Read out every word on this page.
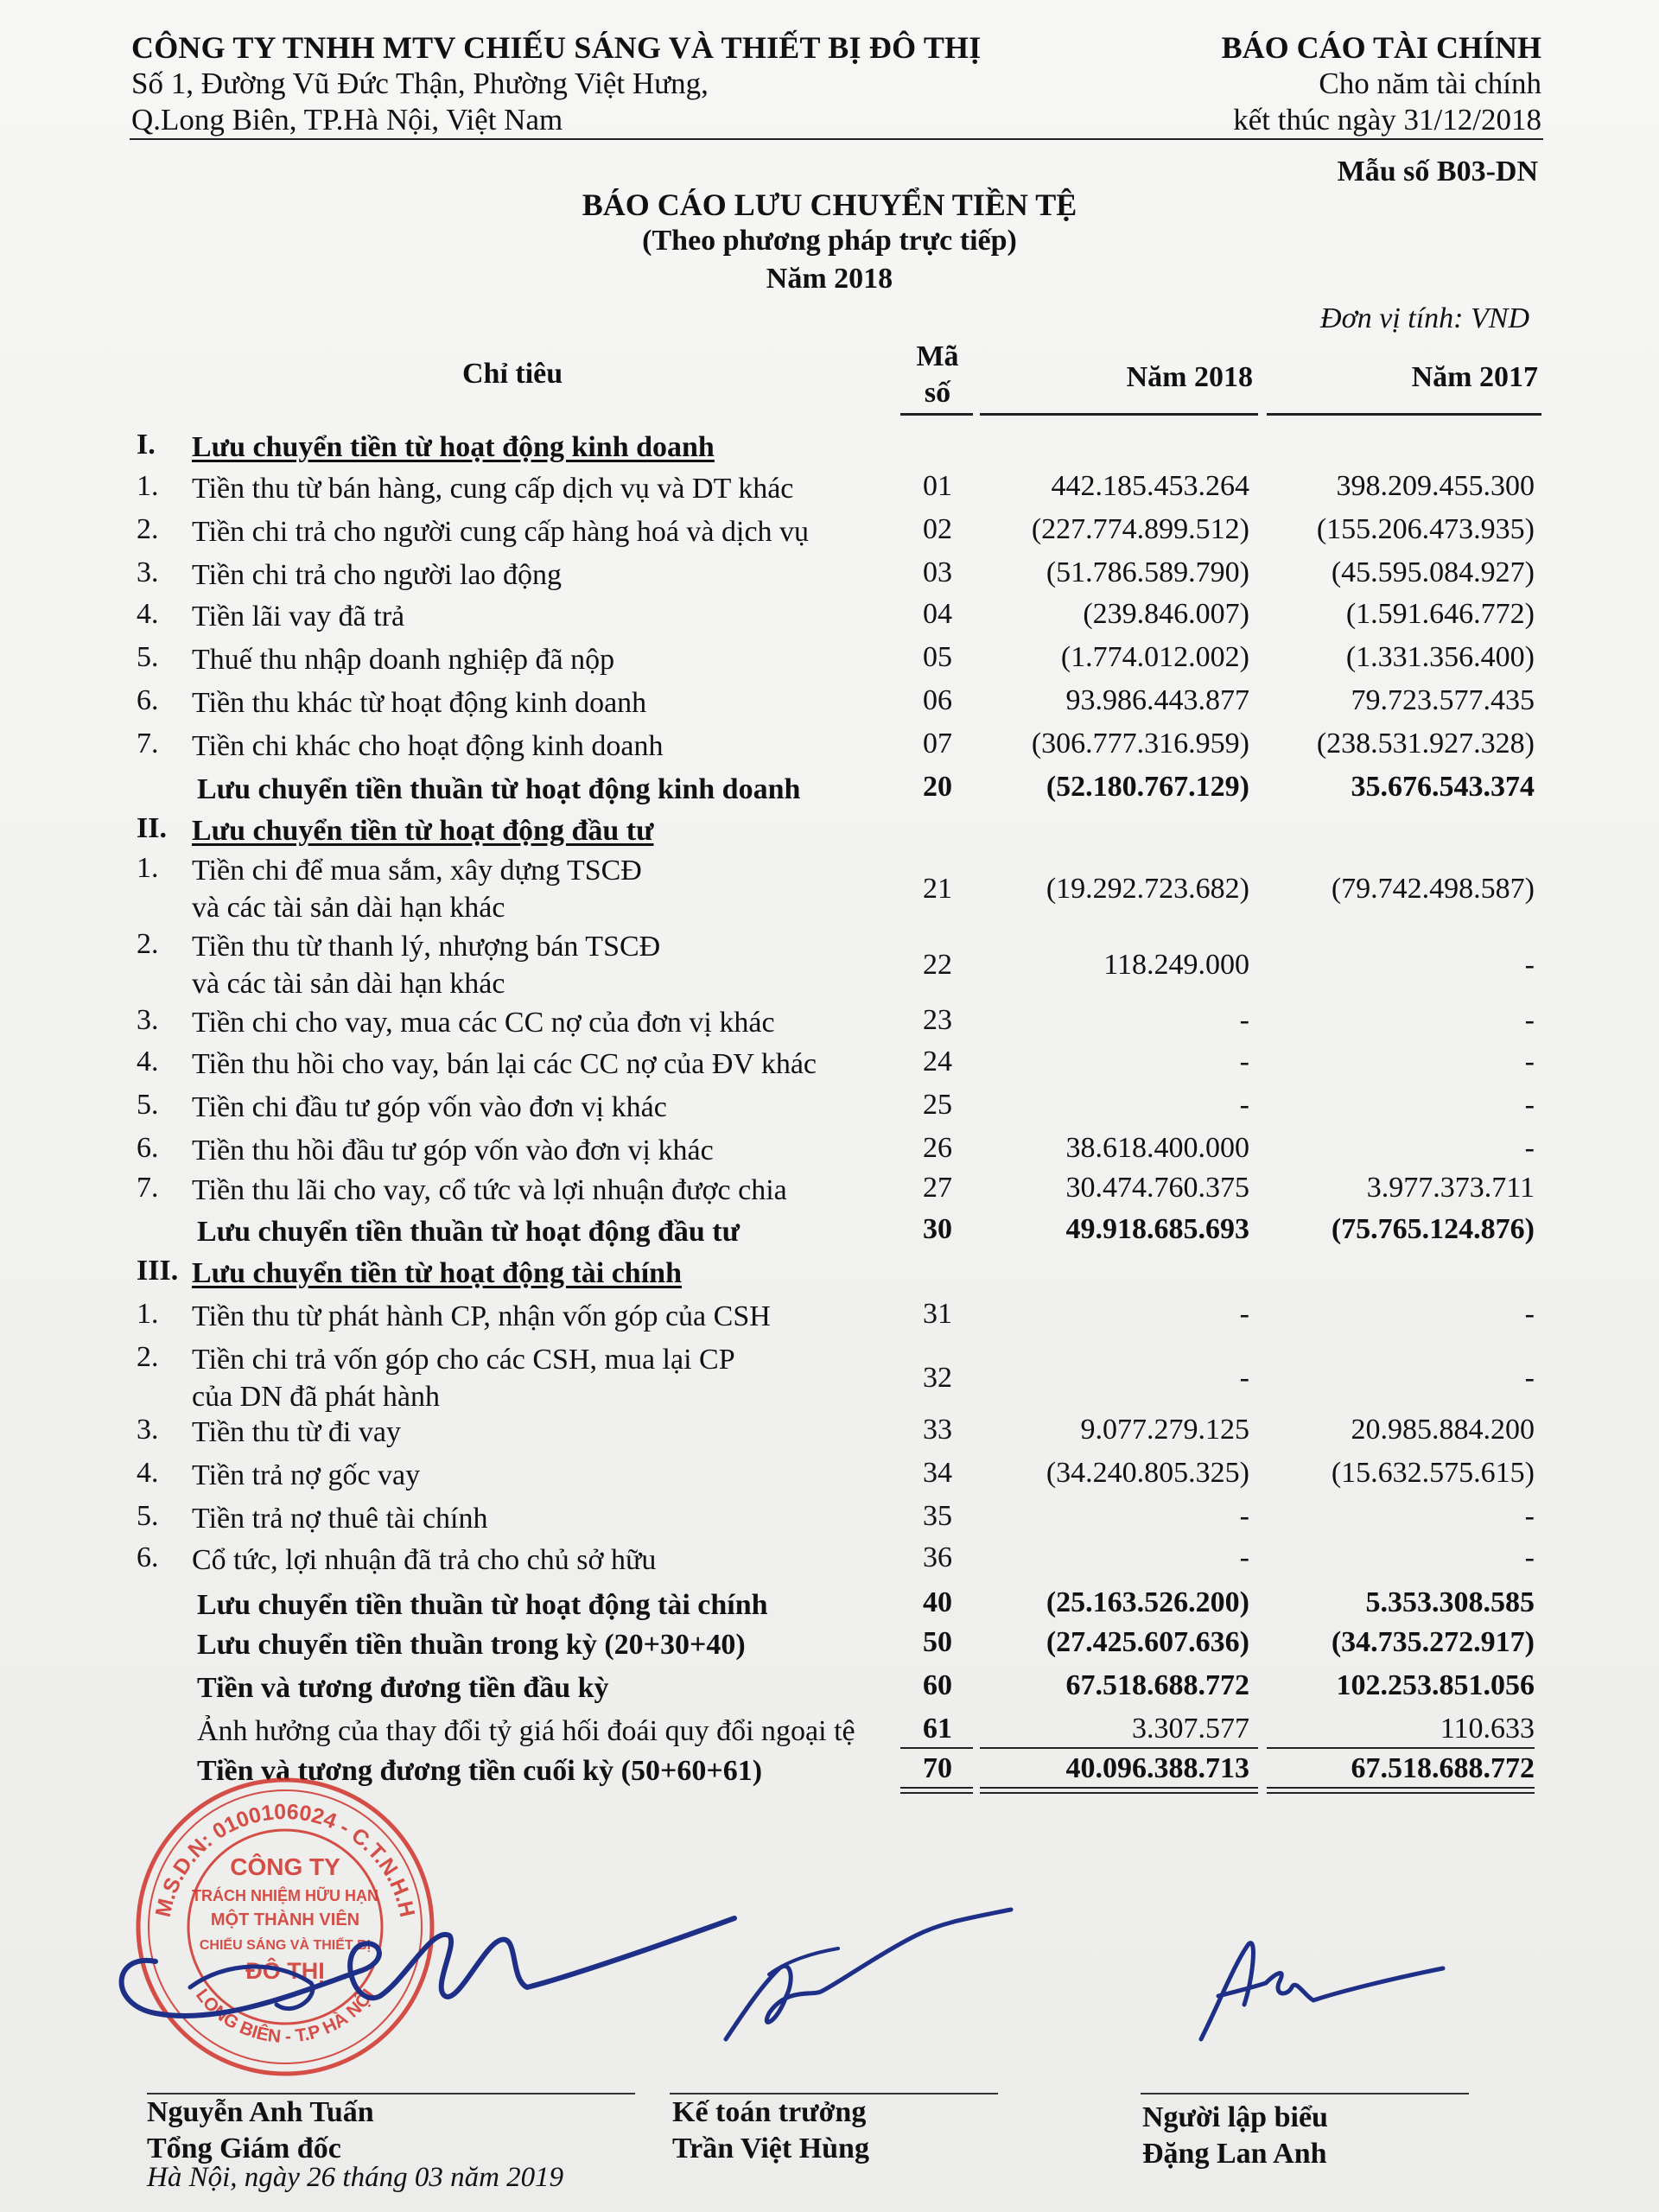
CÔNG TY TNHH MTV CHIẾU SÁNG VÀ THIẾT BỊ ĐÔ THỊ
Số 1, Đường Vũ Đức Thận, Phường Việt Hưng,
Q.Long Biên, TP.Hà Nội, Việt Nam
BÁO CÁO TÀI CHÍNH
Cho năm tài chính
kết thúc ngày 31/12/2018
Mẫu số B03-DN
BÁO CÁO LƯU CHUYỂN TIỀN TỆ
(Theo phương pháp trực tiếp)
Năm 2018
Đơn vị tính: VND
Chỉ tiêu
Mã
số	Năm 2018	Năm 2017
I. Lưu chuyển tiền từ hoạt động kinh doanh
1. Tiền thu từ bán hàng, cung cấp dịch vụ và DT khác	01	442.185.453.264	398.209.455.300
2. Tiền chi trả cho người cung cấp hàng hoá và dịch vụ	02	(227.774.899.512)	(155.206.473.935)
3. Tiền chi trả cho người lao động	03	(51.786.589.790)	(45.595.084.927)
4. Tiền lãi vay đã trả	04	(239.846.007)	(1.591.646.772)
5. Thuế thu nhập doanh nghiệp đã nộp	05	(1.774.012.002)	(1.331.356.400)
6. Tiền thu khác từ hoạt động kinh doanh	06	93.986.443.877	79.723.577.435
7. Tiền chi khác cho hoạt động kinh doanh	07	(306.777.316.959)	(238.531.927.328)
Lưu chuyển tiền thuần từ hoạt động kinh doanh	20	(52.180.767.129)	35.676.543.374
II. Lưu chuyển tiền từ hoạt động đầu tư
1. Tiền chi để mua sắm, xây dựng TSCĐ
và các tài sản dài hạn khác
21	(19.292.723.682)	(79.742.498.587)
2. Tiền thu từ thanh lý, nhượng bán TSCĐ
và các tài sản dài hạn khác
22	118.249.000	-
3. Tiền chi cho vay, mua các CC nợ của đơn vị khác	23	-	-
4. Tiền thu hồi cho vay, bán lại các CC nợ của ĐV khác	24	-	-
5. Tiền chi đầu tư góp vốn vào đơn vị khác	25	-	-
6. Tiền thu hồi đầu tư góp vốn vào đơn vị khác	26	38.618.400.000	-
7. Tiền thu lãi cho vay, cổ tức và lợi nhuận được chia	27	30.474.760.375	3.977.373.711
Lưu chuyển tiền thuần từ hoạt động đầu tư	30	49.918.685.693	(75.765.124.876)
III. Lưu chuyển tiền từ hoạt động tài chính
1. Tiền thu từ phát hành CP, nhận vốn góp của CSH	31	-	-
2. Tiền chi trả vốn góp cho các CSH, mua lại CP
của DN đã phát hành
32	-	-
3. Tiền thu từ đi vay	33	9.077.279.125	20.985.884.200
4. Tiền trả nợ gốc vay	34	(34.240.805.325)	(15.632.575.615)
5. Tiền trả nợ thuê tài chính	35	-	-
6. Cổ tức, lợi nhuận đã trả cho chủ sở hữu	36	-	-
Lưu chuyển tiền thuần từ hoạt động tài chính	40	(25.163.526.200)	5.353.308.585
Lưu chuyển tiền thuần trong kỳ (20+30+40)	50	(27.425.607.636)	(34.735.272.917)
Tiền và tương đương tiền đầu kỳ	60	67.518.688.772	102.253.851.056
Ảnh hưởng của thay đổi tỷ giá hối đoái quy đổi ngoại tệ	61	3.307.577	110.633
Tiền và tương đương tiền cuối kỳ (50+60+61)	70	40.096.388.713	67.518.688.772
M.S.D.N: 0100106024 - C.T.N.H.H
LONG BIÊN - T.P HÀ NỘI
CÔNG TY
TRÁCH NHIỆM HỮU HẠN
MỘT THÀNH VIÊN
CHIẾU SÁNG VÀ THIẾT BỊ
ĐÔ THỊ
Nguyễn Anh Tuấn
Tổng Giám đốc
Kế toán trưởng
Trần Việt Hùng
Người lập biểu
Đặng Lan Anh
Hà Nội, ngày 26 tháng 03 năm 2019
